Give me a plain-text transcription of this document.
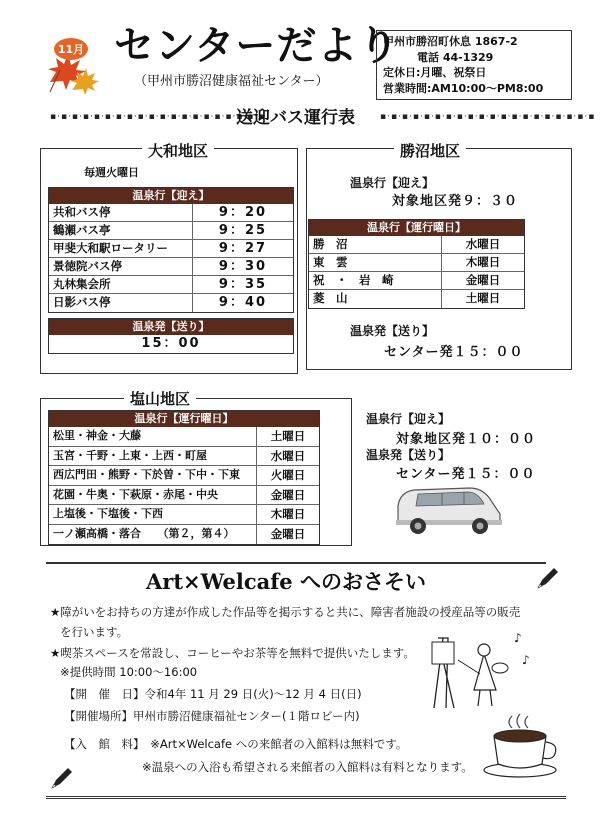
11月 センターだより
（甲州市勝沼健康福祉センター）
甲州市勝沼町休息 1867-2
電話 44-1329
定休日:月曜、祝祭日
営業時間:AM10:00～PM8:00
▪︎·▪︎·▪︎·▪︎·▪︎·▪︎·▪︎·▪︎·▪︎·▪︎·▪︎·▪︎·▪︎·▪︎·▪︎·▪︎·▪︎·▪︎·▪︎·▪︎
送迎バス運行表	▪︎·▪︎·▪︎·▪︎·▪︎·▪︎·▪︎·▪︎·▪︎·▪︎·▪︎·▪︎·▪︎·▪︎·▪︎·▪︎·▪︎·▪︎·▪︎·▪︎
大和地区
毎週火曜日
温泉行【迎え】
共和バス停	9：20
鶴瀬バス亭	9：25
甲斐大和駅ロータリー	9：27
景徳院バス停	9：30
丸林集会所	9：35
日影バス停	9：40
温泉発【送り】
15：00
勝沼地区
温泉行【迎え】
対象地区発９：３０
温泉行【運行曜日】
勝　沼	水曜日
東　雲	木曜日
祝　・　岩　崎	金曜日
菱　山	土曜日
温泉発【送り】
センター発１５：００
塩山地区
温泉行【運行曜日】
松里・神金・大藤	土曜日
玉宮・千野・上東・上西・町屋	水曜日
西広門田・熊野・下於曽・下中・下東	火曜日
花園・牛奥・下萩原・赤尾・中央	金曜日
上塩後・下塩後・下西	木曜日
一ノ瀬高橋・落合　　（第２，第４）	金曜日
温泉行【迎え】
対象地区発１０：００
温泉発【送り】
センター発１５：００
Art×Welcafe へのおさそい
★障がいをお持ちの方達が作成した作品等を掲示すると共に、障害者施設の授産品等の販売
を行います。
★喫茶スペースを常設し、コーヒーやお茶等を無料で提供いたします。
※提供時間 10:00～16:00
【開　催　日】令和4年 11 月 29 日(火)～12 月 4 日(日)
【開催場所】甲州市勝沼健康福祉センター(１階ロビー内)
【入　館　料】　※Art×Welcafe への来館者の入館料は無料です。
※温泉への入浴も希望される来館者の入館料は有料となります。
♪
♪
